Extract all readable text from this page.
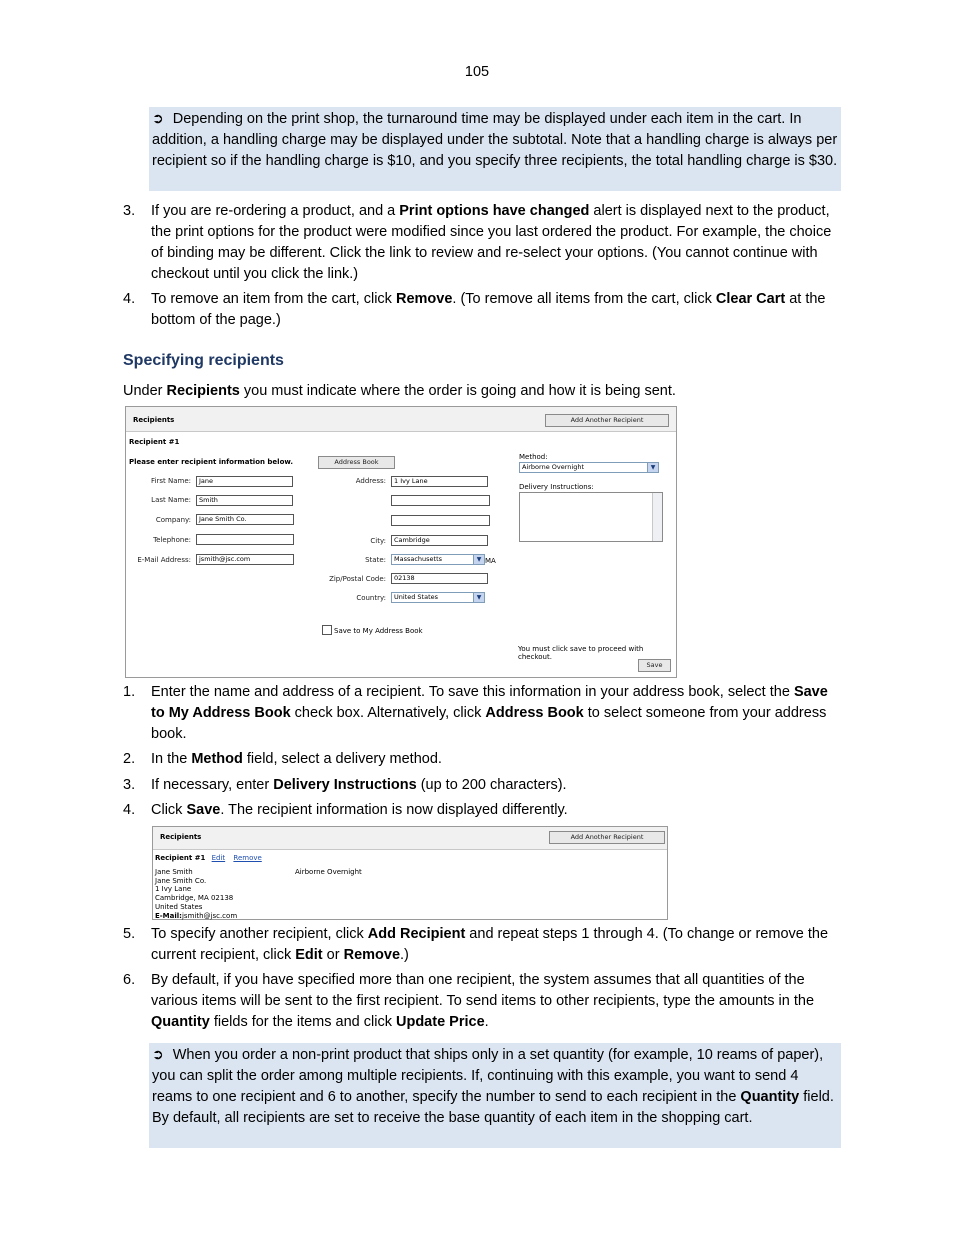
105

➲ Depending on the print shop, the turnaround time may be displayed under each item in the cart. In addition, a handling charge may be displayed under the subtotal. Note that a handling charge is always per recipient so if the handling charge is $10, and you specify three recipients, the total handling charge is $30.

3. If you are re-ordering a product, and a Print options have changed alert is displayed next to the product, the print options for the product were modified since you last ordered the product. For example, the choice of binding may be different. Click the link to review and re-select your options. (You cannot continue with checkout until you click the link.)
4. To remove an item from the cart, click Remove. (To remove all items from the cart, click Clear Cart at the bottom of the page.)
Specifying recipients
Under Recipients you must indicate where the order is going and how it is being sent.
Recipients	Add Another Recipient
Recipient #1
Please enter recipient information below.	Address Book
First Name:	Jane
Last Name:	Smith
Company:	Jane Smith Co.
Telephone:
E-Mail Address:	jsmith@jsc.com
Address:	1 Ivy Lane
City:	Cambridge
State:	Massachusetts	▼ MA
Zip/Postal Code:	02138
Country:	United States	▼
Save to My Address Book
Method:
Airborne Overnight	▼
Delivery Instructions:
You must click save to proceed with checkout.
Save
1. Enter the name and address of a recipient. To save this information in your address book, select the Save to My Address Book check box. Alternatively, click Address Book to select someone from your address book.
2. In the Method field, select a delivery method.
3. If necessary, enter Delivery Instructions (up to 200 characters).
4. Click Save. The recipient information is now displayed differently.
Recipients	Add Another Recipient
Recipient #1 Edit Remove
Jane Smith
Jane Smith Co.
1 Ivy Lane
Cambridge, MA 02138
United States
E-Mail:jsmith@jsc.com
Airborne Overnight
5. To specify another recipient, click Add Recipient and repeat steps 1 through 4. (To change or remove the current recipient, click Edit or Remove.)
6. By default, if you have specified more than one recipient, the system assumes that all quantities of the various items will be sent to the first recipient. To send items to other recipients, type the amounts in the Quantity fields for the items and click Update Price.

➲ When you order a non-print product that ships only in a set quantity (for example, 10 reams of paper), you can split the order among multiple recipients. If, continuing with this example, you want to send 4 reams to one recipient and 6 to another, specify the number to send to each recipient in the Quantity field. By default, all recipients are set to receive the base quantity of each item in the shopping cart.
